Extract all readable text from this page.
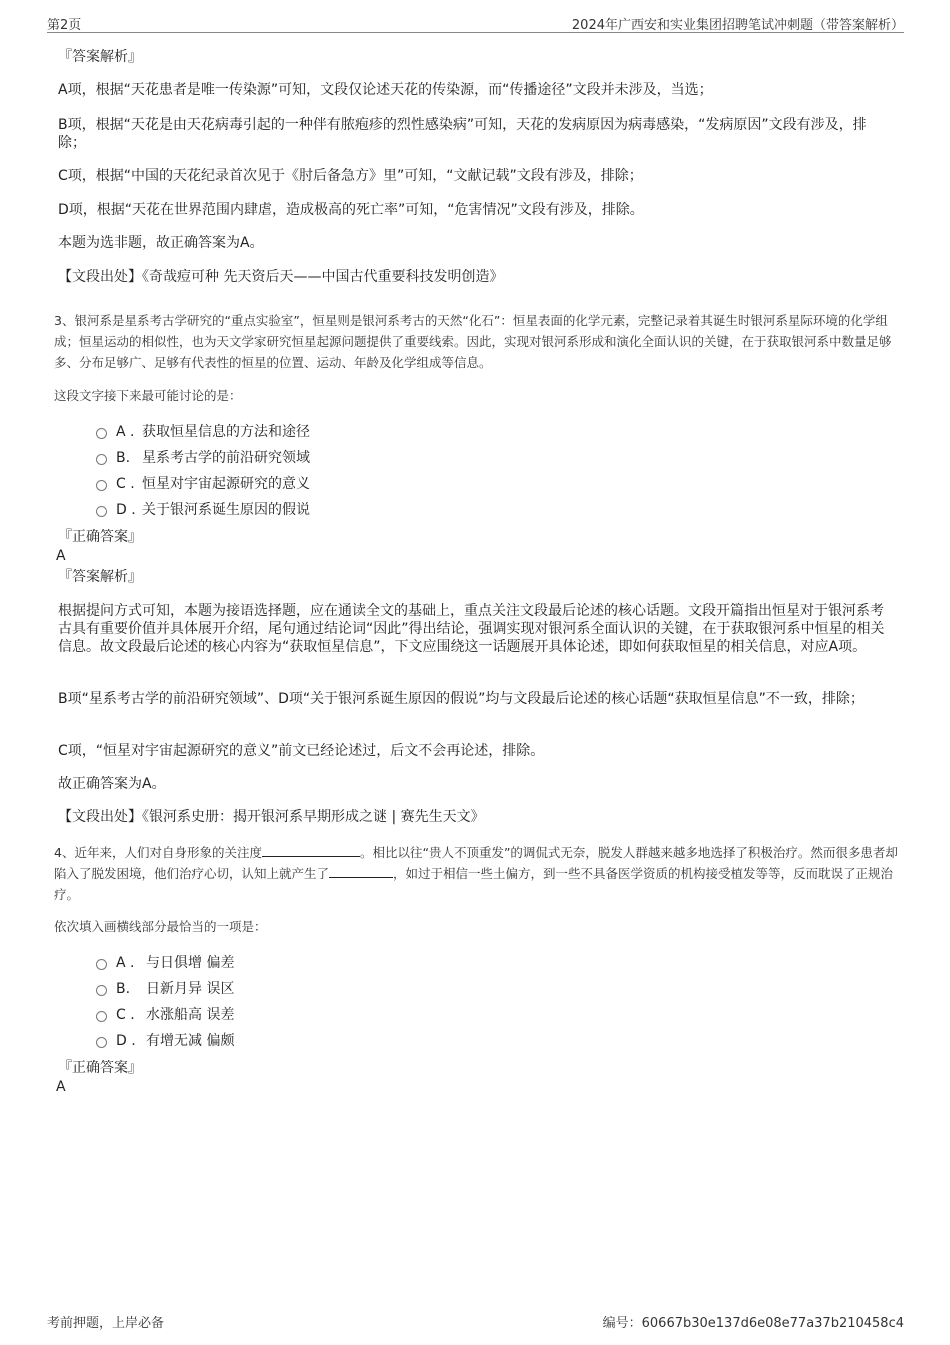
第2页	2024年广西安和实业集团招聘笔试冲刺题（带答案解析）
『答案解析』
A项，根据“天花患者是唯一传染源”可知，文段仅论述天花的传染源，而“传播途径”文段并未涉及，当选；
B项，根据“天花是由天花病毒引起的一种伴有脓疱疹的烈性感染病”可知，天花的发病原因为病毒感染，“发病原因”文段有涉及，排除；
C项，根据“中国的天花纪录首次见于《肘后备急方》里”可知，“文献记载”文段有涉及，排除；
D项，根据“天花在世界范围内肆虐，造成极高的死亡率”可知，“危害情况”文段有涉及，排除。
本题为选非题，故正确答案为A。
【文段出处】《奇哉痘可种 先天资后天——中国古代重要科技发明创造》
3、银河系是星系考古学研究的“重点实验室”，恒星则是银河系考古的天然“化石”：恒星表面的化学元素，完整记录着其诞生时银河系星际环境的化学组成；恒星运动的相似性，也为天文学家研究恒星起源问题提供了重要线索。因此，实现对银河系形成和演化全面认识的关键，在于获取银河系中数量足够多、分布足够广、足够有代表性的恒星的位置、运动、年龄及化学组成等信息。
这段文字接下来最可能讨论的是：
A . 获取恒星信息的方法和途径
B. 星系考古学的前沿研究领域
C . 恒星对宇宙起源研究的意义
D . 关于银河系诞生原因的假说
『正确答案』
A
『答案解析』
根据提问方式可知，本题为接语选择题，应在通读全文的基础上，重点关注文段最后论述的核心话题。文段开篇指出恒星对于银河系考古具有重要价值并具体展开介绍，尾句通过结论词“因此”得出结论，强调实现对银河系全面认识的关键，在于获取银河系中恒星的相关信息。故文段最后论述的核心内容为“获取恒星信息”，下文应围绕这一话题展开具体论述，即如何获取恒星的相关信息，对应A项。
B项“星系考古学的前沿研究领域”、D项“关于银河系诞生原因的假说”均与文段最后论述的核心话题“获取恒星信息”不一致，排除；
C项，“恒星对宇宙起源研究的意义”前文已经论述过，后文不会再论述，排除。
故正确答案为A。
【文段出处】《银河系史册：揭开银河系早期形成之谜 | 赛先生天文》
4、近年来，人们对自身形象的关注度	。相比以往“贵人不顶重发”的调侃式无奈，脱发人群越来越多地选择了积极治疗。然而很多患者却陷入了脱发困境，他们治疗心切，认知上就产生了	，如过于相信一些土偏方，到一些不具备医学资质的机构接受植发等等，反而耽误了正规治疗。
依次填入画横线部分最恰当的一项是：
A . 与日俱增 偏差
B. 日新月异 误区
C . 水涨船高 误差
D . 有增无减 偏颇
『正确答案』
A
考前押题，上岸必备	编号：60667b30e137d6e08e77a37b210458c4
